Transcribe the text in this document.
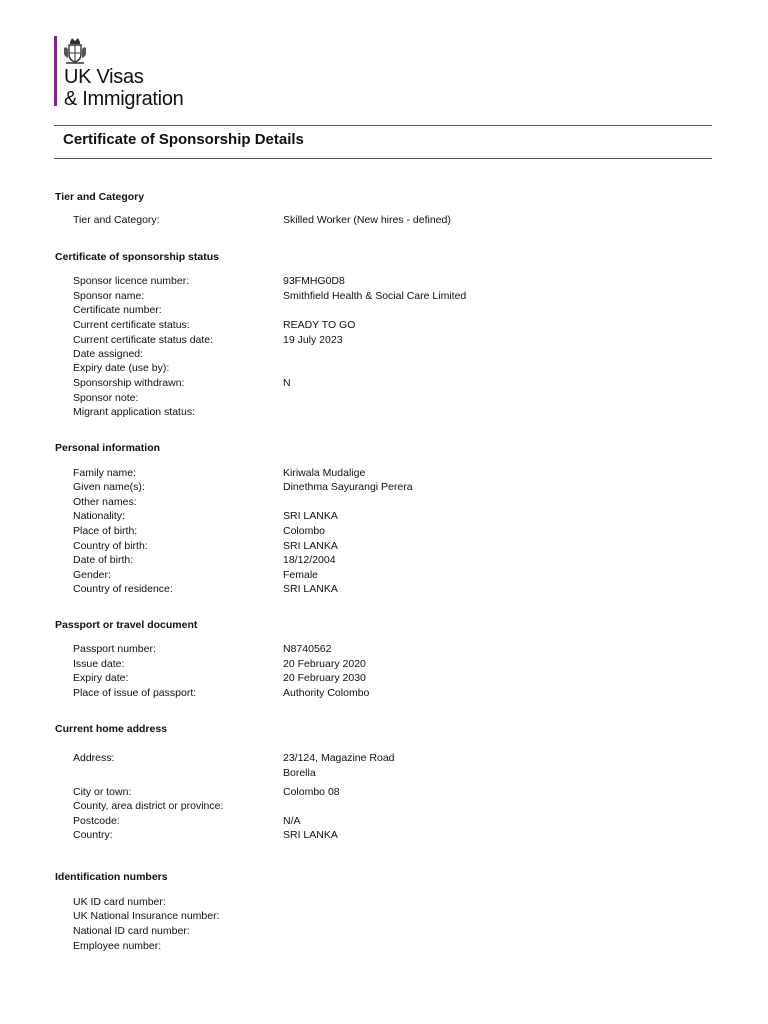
UK Visas
& Immigration
Certificate of Sponsorship Details
Tier and Category
Tier and Category:	Skilled Worker (New hires - defined)
Certificate of sponsorship status
Sponsor licence number:	93FMHG0D8
Sponsor name:	Smithfield Health & Social Care Limited
Certificate number:
Current certificate status:	READY TO GO
Current certificate status date:	19 July 2023
Date assigned:
Expiry date (use by):
Sponsorship withdrawn:	N
Sponsor note:
Migrant application status:
Personal information
Family name:	Kiriwala Mudalige
Given name(s):	Dinethma Sayurangi Perera
Other names:
Nationality:	SRI LANKA
Place of birth:	Colombo
Country of birth:	SRI LANKA
Date of birth:	18/12/2004
Gender:	Female
Country of residence:	SRI LANKA
Passport or travel document
Passport number:	N8740562
Issue date:	20 February 2020
Expiry date:	20 February 2030
Place of issue of passport:	Authority Colombo
Current home address
Address:	23/124, Magazine Road
Borella
City or town:	Colombo 08
County, area district or province:
Postcode:	N/A
Country:	SRI LANKA
Identification numbers
UK ID card number:
UK National Insurance number:
National ID card number:
Employee number:
